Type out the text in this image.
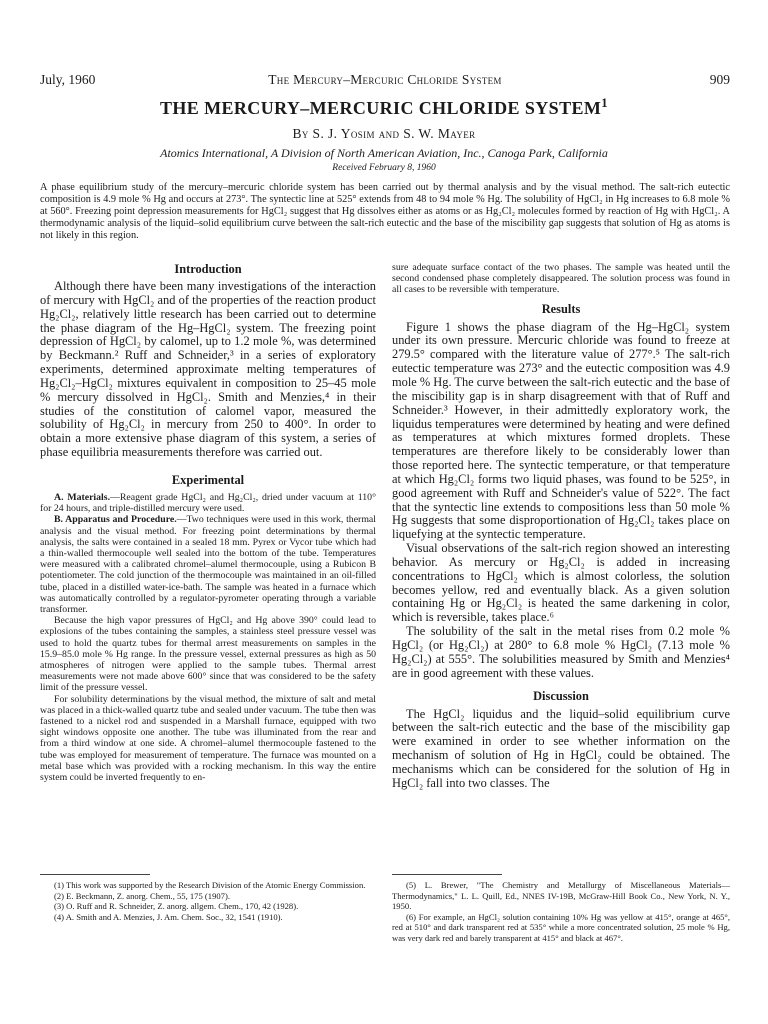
July, 1960	The Mercury–Mercuric Chloride System	909
THE MERCURY–MERCURIC CHLORIDE SYSTEM$^1$
By S. J. Yosim and S. W. Mayer
Atomics International, A Division of North American Aviation, Inc., Canoga Park, California
Received February 8, 1960
A phase equilibrium study of the mercury–mercuric chloride system has been carried out by thermal analysis and by the visual method. The salt-rich eutectic composition is 4.9 mole % Hg and occurs at 273°. The syntectic line at 525° extends from 48 to 94 mole % Hg. The solubility of HgCl₂ in Hg increases to 6.8 mole % at 560°. Freezing point depression measurements for HgCl₂ suggest that Hg dissolves either as atoms or as Hg₂Cl₂ molecules formed by reaction of Hg with HgCl₂. A thermodynamic analysis of the liquid–solid equilibrium curve between the salt-rich eutectic and the base of the miscibility gap suggests that solution of Hg as atoms is not likely in this region.
Introduction

Although there have been many investigations of the interaction of mercury with HgCl₂ and of the properties of the reaction product Hg₂Cl₂, relatively little research has been carried out to determine the phase diagram of the Hg–HgCl₂ system. The freezing point depression of HgCl₂ by calomel, up to 1.2 mole %, was determined by Beckmann.² Ruff and Schneider,³ in a series of exploratory experiments, determined approximate melting temperatures of Hg₂Cl₂–HgCl₂ mixtures equivalent in composition to 25–45 mole % mercury dissolved in HgCl₂. Smith and Menzies,⁴ in their studies of the constitution of calomel vapor, measured the solubility of Hg₂Cl₂ in mercury from 250 to 400°. In order to obtain a more extensive phase diagram of this system, a series of phase equilibria measurements therefore was carried out.

Experimental

A. Materials.—Reagent grade HgCl₂ and Hg₂Cl₂, dried under vacuum at 110° for 24 hours, and triple-distilled mercury were used.

B. Apparatus and Procedure.—Two techniques were used in this work, thermal analysis and the visual method. For freezing point determinations by thermal analysis, the salts were contained in a sealed 18 mm. Pyrex or Vycor tube which had a thin-walled thermocouple well sealed into the bottom of the tube. Temperatures were measured with a calibrated chromel–alumel thermocouple, using a Rubicon B potentiometer. The cold junction of the thermocouple was maintained in an oil-filled tube, placed in a distilled water-ice-bath. The sample was heated in a furnace which was automatically controlled by a regulator-pyrometer operating through a variable transformer.

Because the high vapor pressures of HgCl₂ and Hg above 390° could lead to explosions of the tubes containing the samples, a stainless steel pressure vessel was used to hold the quartz tubes for thermal arrest measurements on samples in the 15.9–85.0 mole % Hg range. In the pressure vessel, external pressures as high as 50 atmospheres of nitrogen were applied to the sample tubes. Thermal arrest measurements were not made above 600° since that was considered to be the safety limit of the pressure vessel.

For solubility determinations by the visual method, the mixture of salt and metal was placed in a thick-walled quartz tube and sealed under vacuum. The tube then was fastened to a nickel rod and suspended in a Marshall furnace, equipped with two sight windows opposite one another. The tube was illuminated from the rear and from a third window at one side. A chromel–alumel thermocouple fastened to the tube was employed for measurement of temperature. The furnace was mounted on a metal base which was provided with a rocking mechanism. In this way the entire system could be inverted frequently to en-

sure adequate surface contact of the two phases. The sample was heated until the second condensed phase completely disappeared. The solution process was found in all cases to be reversible with temperature.

Results

Figure 1 shows the phase diagram of the Hg–HgCl₂ system under its own pressure. Mercuric chloride was found to freeze at 279.5° compared with the literature value of 277°.⁵ The salt-rich eutectic temperature was 273° and the eutectic composition was 4.9 mole % Hg. The curve between the salt-rich eutectic and the base of the miscibility gap is in sharp disagreement with that of Ruff and Schneider.³ However, in their admittedly exploratory work, the liquidus temperatures were determined by heating and were defined as temperatures at which mixtures formed droplets. These temperatures are therefore likely to be considerably lower than those reported here. The syntectic temperature, or that temperature at which Hg₂Cl₂ forms two liquid phases, was found to be 525°, in good agreement with Ruff and Schneider's value of 522°. The fact that the syntectic line extends to compositions less than 50 mole % Hg suggests that some disproportionation of Hg₂Cl₂ takes place on liquefying at the syntectic temperature.

Visual observations of the salt-rich region showed an interesting behavior. As mercury or Hg₂Cl₂ is added in increasing concentrations to HgCl₂ which is almost colorless, the solution becomes yellow, red and eventually black. As a given solution containing Hg or Hg₂Cl₂ is heated the same darkening in color, which is reversible, takes place.⁶

The solubility of the salt in the metal rises from 0.2 mole % HgCl₂ (or Hg₂Cl₂) at 280° to 6.8 mole % HgCl₂ (7.13 mole % Hg₂Cl₂) at 555°. The solubilities measured by Smith and Menzies⁴ are in good agreement with these values.

Discussion

The HgCl₂ liquidus and the liquid–solid equilibrium curve between the salt-rich eutectic and the base of the miscibility gap were examined in order to see whether information on the mechanism of solution of Hg in HgCl₂ could be obtained. The mechanisms which can be considered for the solution of Hg in HgCl₂ fall into two classes. The

(1) This work was supported by the Research Division of the Atomic Energy Commission.

(2) E. Beckmann, Z. anorg. Chem., 55, 175 (1907).

(3) O. Ruff and R. Schneider, Z. anorg. allgem. Chem., 170, 42 (1928).

(4) A. Smith and A. Menzies, J. Am. Chem. Soc., 32, 1541 (1910).

(5) L. Brewer, "The Chemistry and Metallurgy of Miscellaneous Materials—Thermodynamics," L. L. Quill, Ed., NNES IV-19B, McGraw-Hill Book Co., New York, N. Y., 1950.

(6) For example, an HgCl₂ solution containing 10% Hg was yellow at 415°, orange at 465°, red at 510° and dark transparent red at 535° while a more concentrated solution, 25 mole % Hg, was very dark red and barely transparent at 415° and black at 467°.
